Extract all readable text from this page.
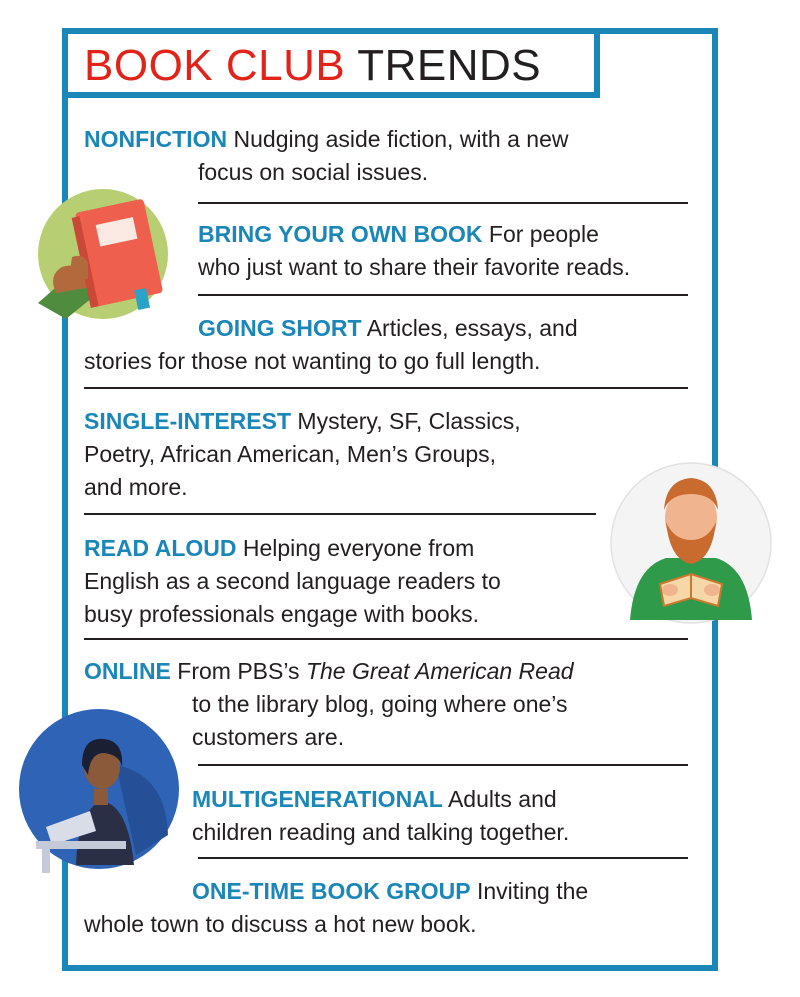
BOOK CLUB TRENDS
NONFICTION Nudging aside fiction, with a new
focus on social issues.
BRING YOUR OWN BOOK For people
who just want to share their favorite reads.
GOING SHORT Articles, essays, and
stories for those not wanting to go full length.
SINGLE-INTEREST Mystery, SF, Classics,
Poetry, African American, Men’s Groups,
and more.
READ ALOUD Helping everyone from
English as a second language readers to
busy professionals engage with books.
ONLINE From PBS’s The Great American Read
to the library blog, going where one’s
customers are.
MULTIGENERATIONAL Adults and
children reading and talking together.
ONE-TIME BOOK GROUP Inviting the
whole town to discuss a hot new book.
